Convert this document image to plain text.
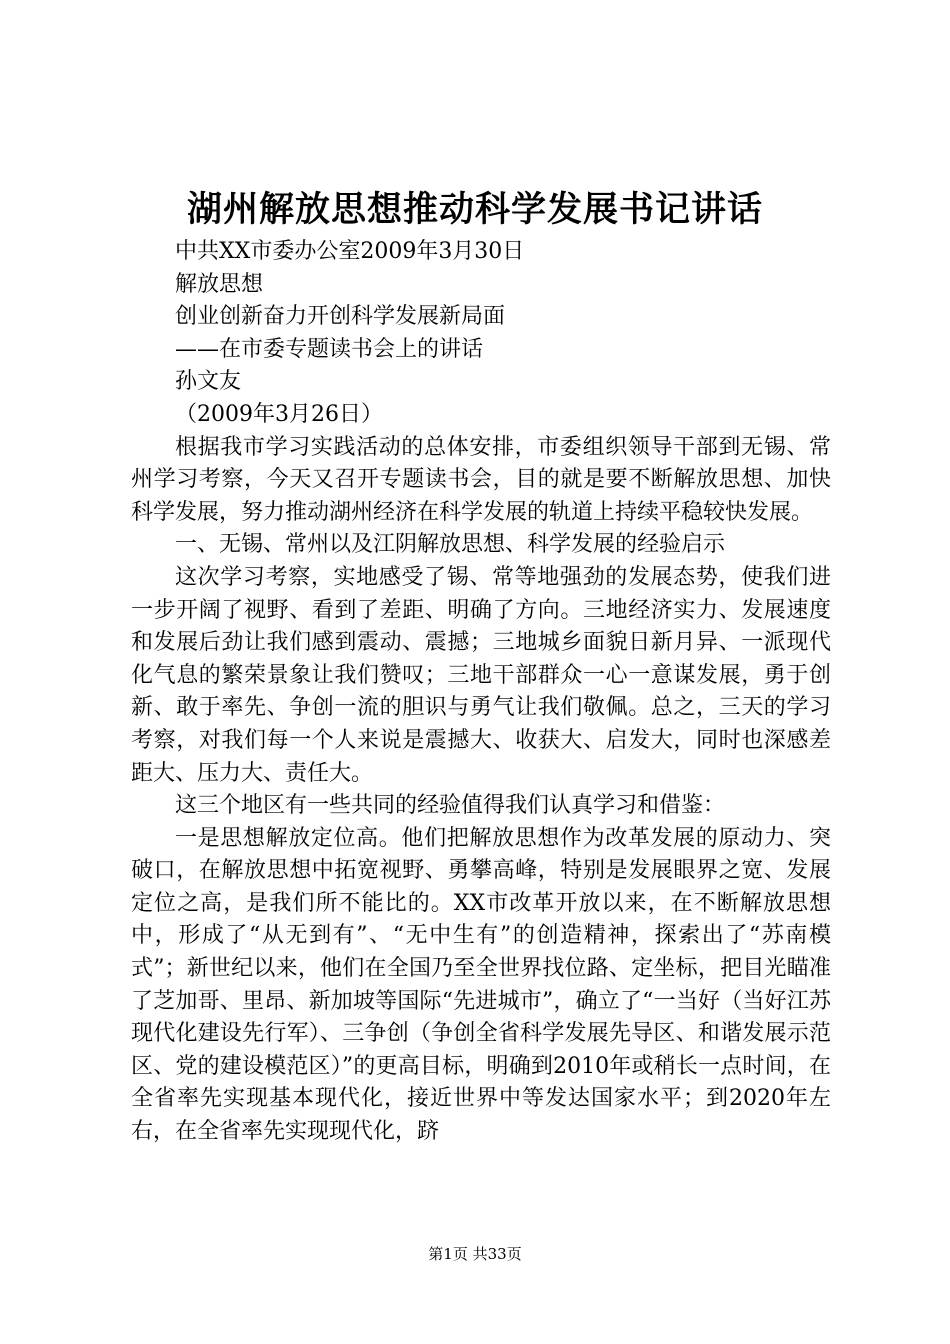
湖州解放思想推动科学发展书记讲话

中共XX市委办公室2009年3月30日

解放思想

创业创新奋力开创科学发展新局面

——在市委专题读书会上的讲话

孙文友

（2009年3月26日）

根据我市学习实践活动的总体安排，市委组织领导干部到无锡、常州学习考察，今天又召开专题读书会，目的就是要不断解放思想、加快科学发展，努力推动湖州经济在科学发展的轨道上持续平稳较快发展。

一、无锡、常州以及江阴解放思想、科学发展的经验启示

这次学习考察，实地感受了锡、常等地强劲的发展态势，使我们进一步开阔了视野、看到了差距、明确了方向。三地经济实力、发展速度和发展后劲让我们感到震动、震撼；三地城乡面貌日新月异、一派现代化气息的繁荣景象让我们赞叹；三地干部群众一心一意谋发展，勇于创新、敢于率先、争创一流的胆识与勇气让我们敬佩。总之，三天的学习考察，对我们每一个人来说是震撼大、收获大、启发大，同时也深感差距大、压力大、责任大。

这三个地区有一些共同的经验值得我们认真学习和借鉴：

一是思想解放定位高。他们把解放思想作为改革发展的原动力、突破口，在解放思想中拓宽视野、勇攀高峰，特别是发展眼界之宽、发展定位之高，是我们所不能比的。XX市改革开放以来，在不断解放思想中，形成了“从无到有”、“无中生有”的创造精神，探索出了“苏南模式”；新世纪以来，他们在全国乃至全世界找位路、定坐标，把目光瞄准了芝加哥、里昂、新加坡等国际“先进城市”，确立了“一当好（当好江苏现代化建设先行军）、三争创（争创全省科学发展先导区、和谐发展示范区、党的建设模范区）”的更高目标，明确到2010年或稍长一点时间，在全省率先实现基本现代化，接近世界中等发达国家水平；到2020年左右，在全省率先实现现代化，跻

第1页 共33页
